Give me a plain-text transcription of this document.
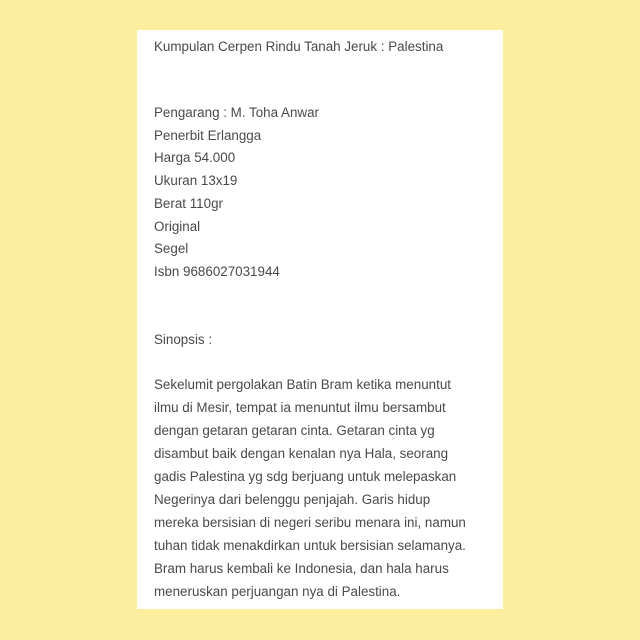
Kumpulan Cerpen Rindu Tanah Jeruk : Palestina
Pengarang : M. Toha Anwar
Penerbit Erlangga
Harga 54.000
Ukuran 13x19
Berat 110gr
Original
Segel
Isbn 9686027031944
Sinopsis :
Sekelumit pergolakan Batin Bram ketika menuntut
ilmu di Mesir, tempat ia menuntut ilmu bersambut
dengan getaran getaran cinta. Getaran cinta yg
disambut baik dengan kenalan nya Hala, seorang
gadis Palestina yg sdg berjuang untuk melepaskan
Negerinya dari belenggu penjajah. Garis hidup
mereka bersisian di negeri seribu menara ini, namun
tuhan tidak menakdirkan untuk bersisian selamanya.
Bram harus kembali ke Indonesia, dan hala harus
meneruskan perjuangan nya di Palestina.
